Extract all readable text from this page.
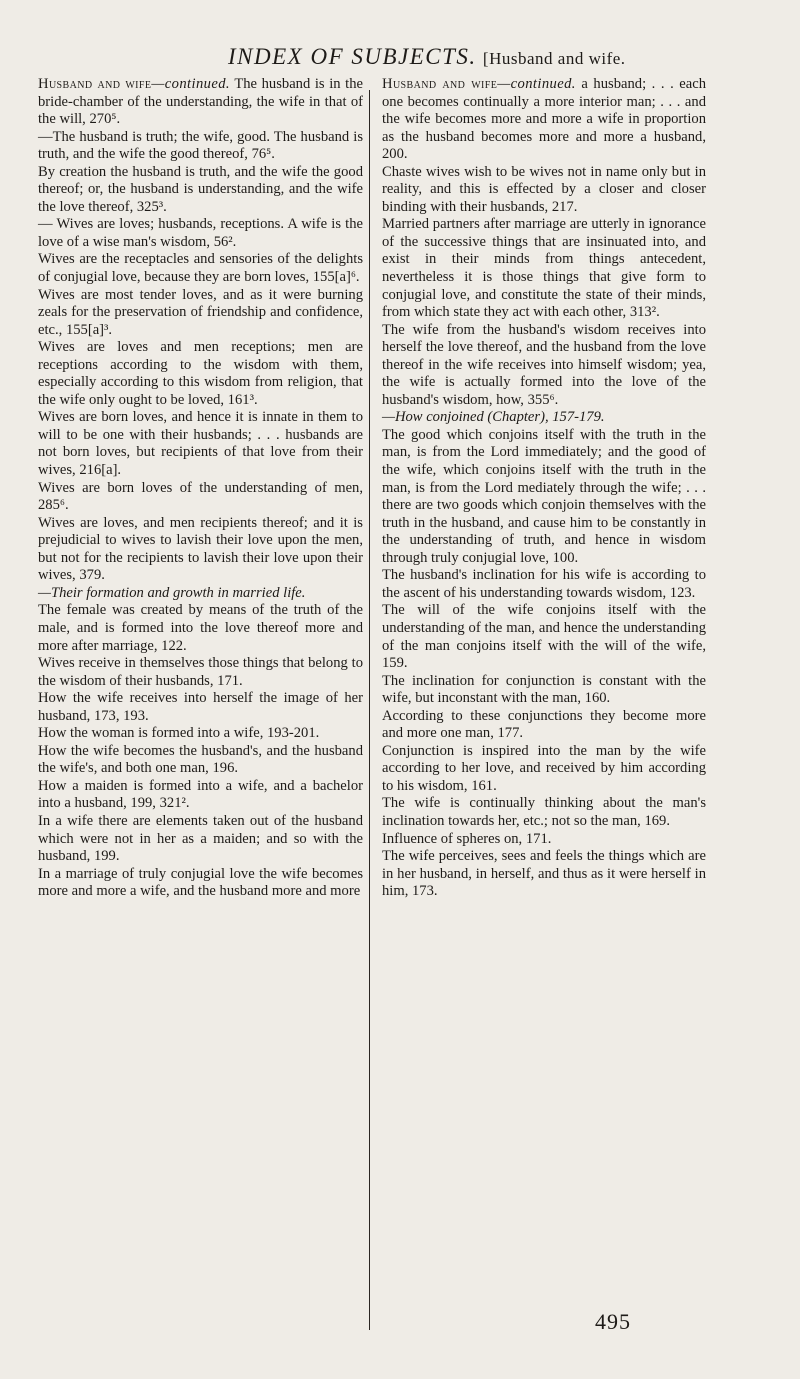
INDEX OF SUBJECTS. [Husband and wife.

Husband and wife—continued. The husband is in the bride-chamber of the understanding, the wife in that of the will, 270⁵.

—The husband is truth; the wife, good. The husband is truth, and the wife the good thereof, 76⁵.

By creation the husband is truth, and the wife the good thereof; or, the husband is understanding, and the wife the love thereof, 325³.

— Wives are loves; husbands, receptions. A wife is the love of a wise man's wisdom, 56².

Wives are the receptacles and sensories of the delights of conjugial love, because they are born loves, 155[a]⁶.

Wives are most tender loves, and as it were burning zeals for the preservation of friendship and confidence, etc., 155[a]³.

Wives are loves and men receptions; men are receptions according to the wisdom with them, especially according to this wisdom from religion, that the wife only ought to be loved, 161³.

Wives are born loves, and hence it is innate in them to will to be one with their husbands; . . . husbands are not born loves, but recipients of that love from their wives, 216[a].

Wives are born loves of the understanding of men, 285⁶.

Wives are loves, and men recipients thereof; and it is prejudicial to wives to lavish their love upon the men, but not for the recipients to lavish their love upon their wives, 379.

—Their formation and growth in married life.

The female was created by means of the truth of the male, and is formed into the love thereof more and more after marriage, 122.

Wives receive in themselves those things that belong to the wisdom of their husbands, 171.

How the wife receives into herself the image of her husband, 173, 193.

How the woman is formed into a wife, 193-201.

How the wife becomes the husband's, and the husband the wife's, and both one man, 196.

How a maiden is formed into a wife, and a bachelor into a husband, 199, 321².

In a wife there are elements taken out of the husband which were not in her as a maiden; and so with the husband, 199.

In a marriage of truly conjugial love the wife becomes more and more a wife, and the husband more and more

Husband and wife—continued. a husband; . . . each one becomes continually a more interior man; . . . and the wife becomes more and more a wife in proportion as the husband becomes more and more a husband, 200.

Chaste wives wish to be wives not in name only but in reality, and this is effected by a closer and closer binding with their husbands, 217.

Married partners after marriage are utterly in ignorance of the successive things that are insinuated into, and exist in their minds from things antecedent, nevertheless it is those things that give form to conjugial love, and constitute the state of their minds, from which state they act with each other, 313².

The wife from the husband's wisdom receives into herself the love thereof, and the husband from the love thereof in the wife receives into himself wisdom; yea, the wife is actually formed into the love of the husband's wisdom, how, 355⁶.

—How conjoined (Chapter), 157-179.

The good which conjoins itself with the truth in the man, is from the Lord immediately; and the good of the wife, which conjoins itself with the truth in the man, is from the Lord mediately through the wife; . . . there are two goods which conjoin themselves with the truth in the husband, and cause him to be constantly in the understanding of truth, and hence in wisdom through truly conjugial love, 100.

The husband's inclination for his wife is according to the ascent of his understanding towards wisdom, 123.

The will of the wife conjoins itself with the understanding of the man, and hence the understanding of the man conjoins itself with the will of the wife, 159.

The inclination for conjunction is constant with the wife, but inconstant with the man, 160.

According to these conjunctions they become more and more one man, 177.

Conjunction is inspired into the man by the wife according to her love, and received by him according to his wisdom, 161.

The wife is continually thinking about the man's inclination towards her, etc.; not so the man, 169.

Influence of spheres on, 171.

The wife perceives, sees and feels the things which are in her husband, in herself, and thus as it were herself in him, 173.

495
